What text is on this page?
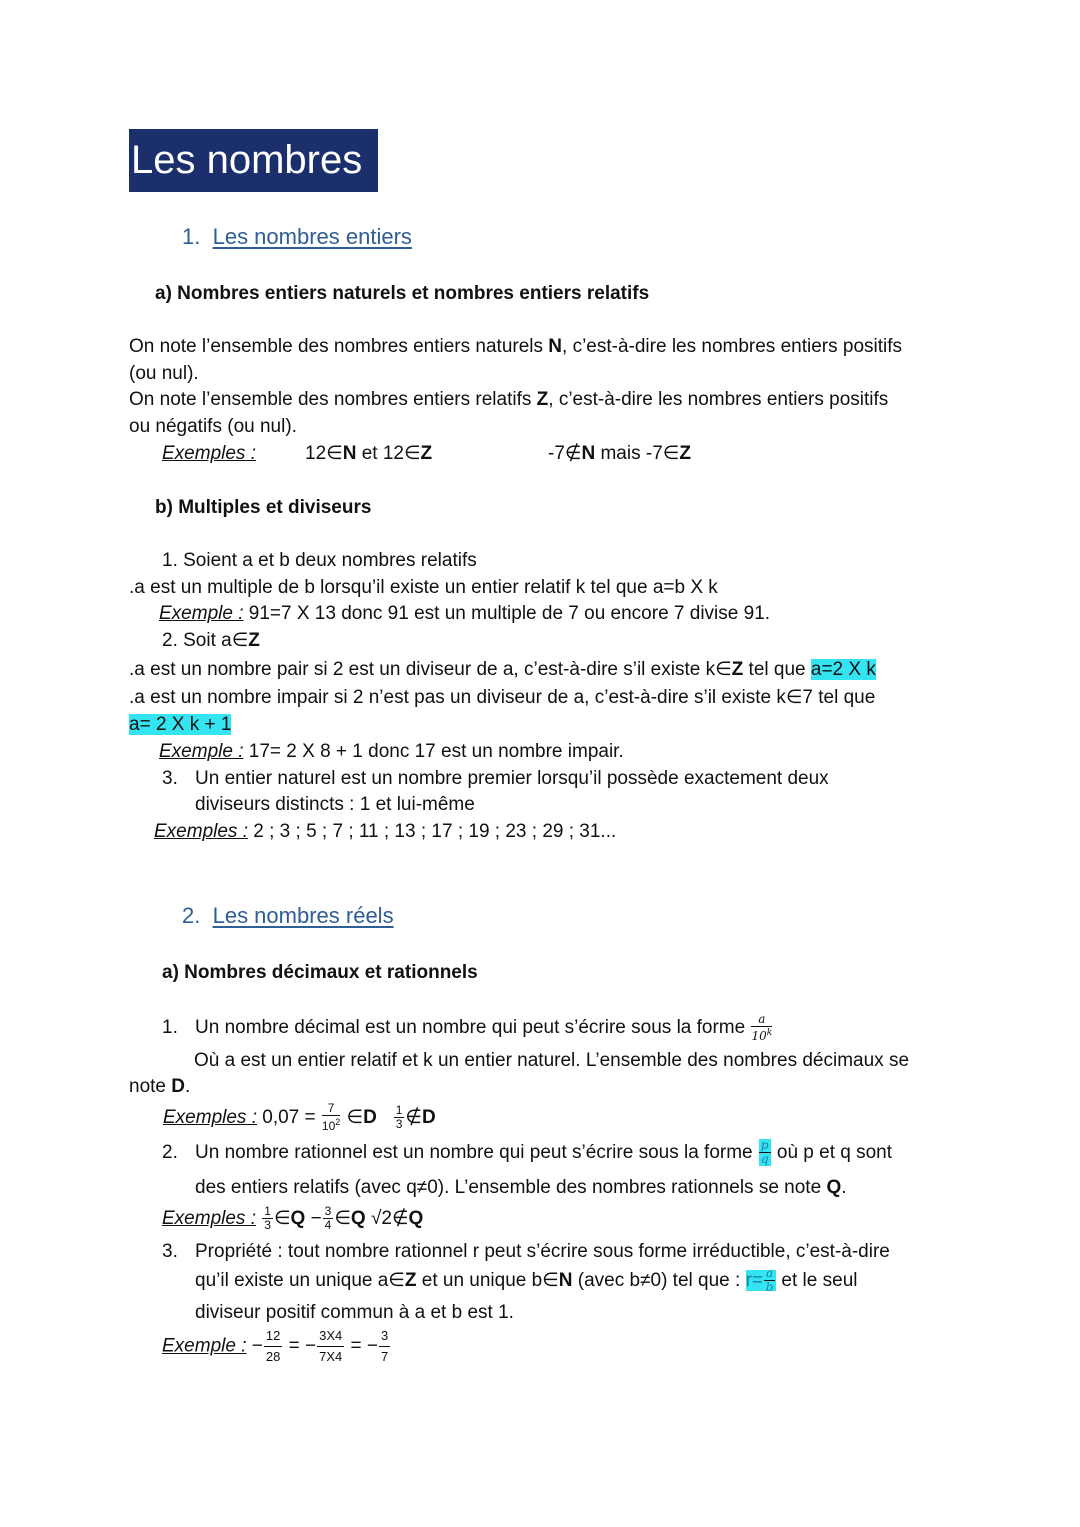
Les nombres
1. Les nombres entiers
a) Nombres entiers naturels et nombres entiers relatifs
On note l’ensemble des nombres entiers naturels N, c’est-à-dire les nombres entiers positifs
(ou nul).
On note l’ensemble des nombres entiers relatifs Z, c’est-à-dire les nombres entiers positifs
ou négatifs (ou nul).
Exemples :	12∈N et 12∈Z	-7∉N mais -7∈Z
b) Multiples et diviseurs
1. Soient a et b deux nombres relatifs
.a est un multiple de b lorsqu’il existe un entier relatif k tel que a=b X k
Exemple : 91=7 X 13 donc 91 est un multiple de 7 ou encore 7 divise 91.
2. Soit a∈Z
.a est un nombre pair si 2 est un diviseur de a, c’est-à-dire s’il existe k∈Z tel que a=2 X k
.a est un nombre impair si 2 n’est pas un diviseur de a, c’est-à-dire s’il existe k∈7 tel que
a= 2 X k + 1
Exemple : 17= 2 X 8 + 1 donc 17 est un nombre impair.
3. Un entier naturel est un nombre premier lorsqu’il possède exactement deux
diviseurs distincts : 1 et lui-même
Exemples : 2 ; 3 ; 5 ; 7 ; 11 ; 13 ; 17 ; 19 ; 23 ; 29 ; 31...
2. Les nombres réels
a) Nombres décimaux et rationnels
1. Un nombre décimal est un nombre qui peut s’écrire sous la forme $\frac{a}{10^k}$
Où a est un entier relatif et k un entier naturel. L’ensemble des nombres décimaux se
note D.
Exemples : $0,07 = \frac{7}{10^2}$ ∈D $\frac{1}{3}$ ∉D
2. Un nombre rationnel est un nombre qui peut s’écrire sous la forme $\frac{p}{q}$ où p et q sont
des entiers relatifs (avec q≠0). L’ensemble des nombres rationnels se note Q.
Exemples : $\frac{1}{3}$ ∈Q − $\frac{3}{4}$ ∈Q √2∉Q
3. Propriété : tout nombre rationnel r peut s’écrire sous forme irréductible, c’est-à-dire
qu’il existe un unique a∈Z et un unique b∈N (avec b≠0) tel que : $r= \frac{a}{b}$ et le seul
diviseur positif commun à a et b est 1.
Exemple : − $\frac{12}{28}$ = − $\frac{3X4}{7X4}$ = − $\frac{3}{7}$
